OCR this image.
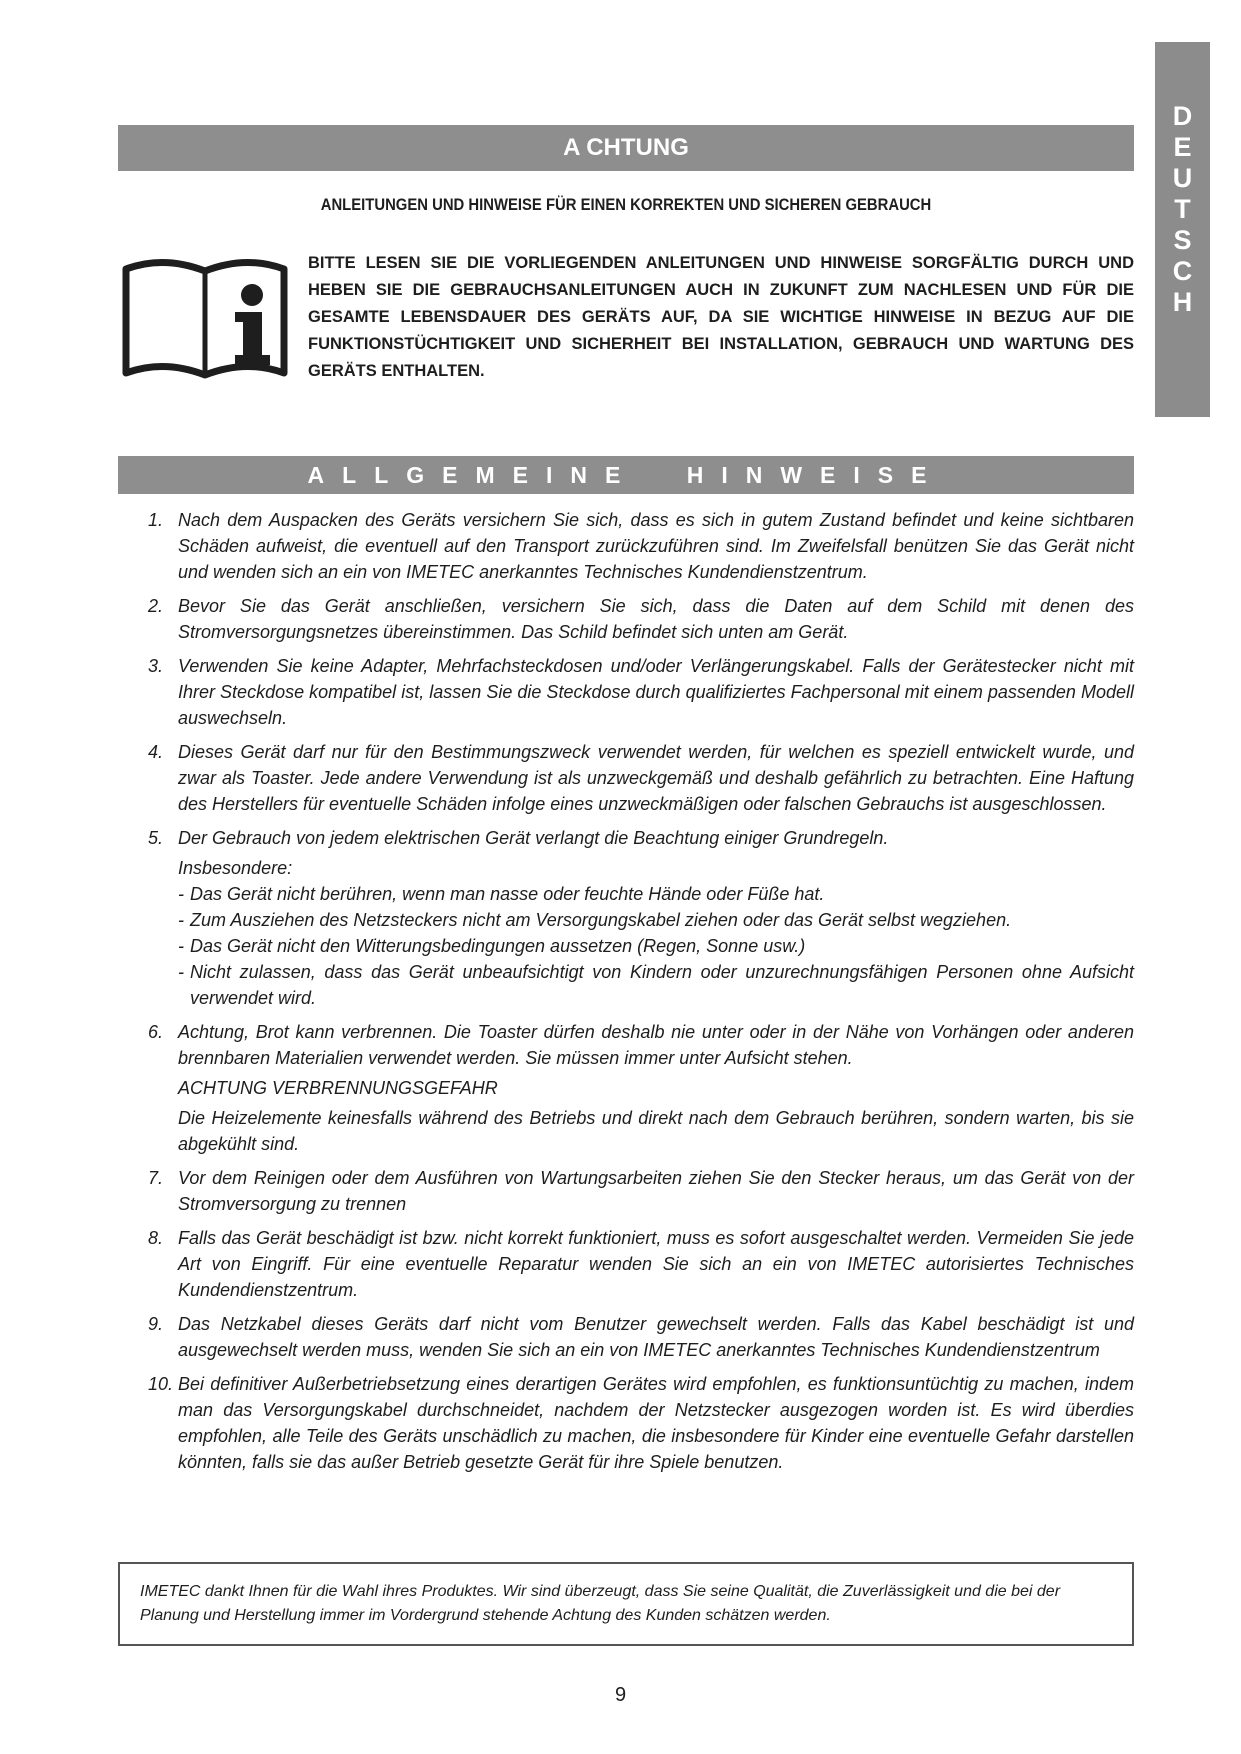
D
E
U
T
S
C
H
A CHTUNG
ANLEITUNGEN UND HINWEISE FÜR EINEN KORREKTEN UND SICHEREN GEBRAUCH
BITTE LESEN SIE DIE VORLIEGENDEN ANLEITUNGEN UND HINWEISE SORGFÄLTIG DURCH UND HEBEN SIE DIE GEBRAUCHSANLEITUNGEN AUCH IN ZUKUNFT ZUM NACHLESEN UND FÜR DIE GESAMTE LEBENSDAUER DES GERÄTS AUF, DA SIE WICHTIGE HINWEISE IN BEZUG AUF DIE FUNKTIONSTÜCHTIGKEIT UND SICHERHEIT BEI INSTALLATION, GEBRAUCH UND WARTUNG DES GERÄTS ENTHALTEN.
ALLGEMEINE HINWEISE
1. Nach dem Auspacken des Geräts versichern Sie sich, dass es sich in gutem Zustand befindet und keine sichtbaren Schäden aufweist, die eventuell auf den Transport zurückzuführen sind. Im Zweifelsfall benützen Sie das Gerät nicht und wenden sich an ein von IMETEC anerkanntes Technisches Kundendienstzentrum.
2. Bevor Sie das Gerät anschließen, versichern Sie sich, dass die Daten auf dem Schild mit denen des Stromversorgungsnetzes übereinstimmen. Das Schild befindet sich unten am Gerät.
3. Verwenden Sie keine Adapter, Mehrfachsteckdosen und/oder Verlängerungskabel. Falls der Gerätestecker nicht mit Ihrer Steckdose kompatibel ist, lassen Sie die Steckdose durch qualifiziertes Fachpersonal mit einem passenden Modell auswechseln.
4. Dieses Gerät darf nur für den Bestimmungszweck verwendet werden, für welchen es speziell entwickelt wurde, und zwar als Toaster. Jede andere Verwendung ist als unzweckgemäß und deshalb gefährlich zu betrachten. Eine Haftung des Herstellers für eventuelle Schäden infolge eines unzweckmäßigen oder falschen Gebrauchs ist ausgeschlossen.
5. Der Gebrauch von jedem elektrischen Gerät verlangt die Beachtung einiger Grundregeln.
Insbesondere:
- Das Gerät nicht berühren, wenn man nasse oder feuchte Hände oder Füße hat.
- Zum Ausziehen des Netzsteckers nicht am Versorgungskabel ziehen oder das Gerät selbst wegziehen.
- Das Gerät nicht den Witterungsbedingungen aussetzen (Regen, Sonne usw.)
- Nicht zulassen, dass das Gerät unbeaufsichtigt von Kindern oder unzurechnungsfähigen Personen ohne Aufsicht verwendet wird.
6. Achtung, Brot kann verbrennen. Die Toaster dürfen deshalb nie unter oder in der Nähe von Vorhängen oder anderen brennbaren Materialien verwendet werden. Sie müssen immer unter Aufsicht stehen.
ACHTUNG VERBRENNUNGSGEFAHR
Die Heizelemente keinesfalls während des Betriebs und direkt nach dem Gebrauch berühren, sondern warten, bis sie abgekühlt sind.
7. Vor dem Reinigen oder dem Ausführen von Wartungsarbeiten ziehen Sie den Stecker heraus, um das Gerät von der Stromversorgung zu trennen
8. Falls das Gerät beschädigt ist bzw. nicht korrekt funktioniert, muss es sofort ausgeschaltet werden. Vermeiden Sie jede Art von Eingriff. Für eine eventuelle Reparatur wenden Sie sich an ein von IMETEC autorisiertes Technisches Kundendienstzentrum.
9. Das Netzkabel dieses Geräts darf nicht vom Benutzer gewechselt werden. Falls das Kabel beschädigt ist und ausgewechselt werden muss, wenden Sie sich an ein von IMETEC anerkanntes Technisches Kundendienstzentrum
10. Bei definitiver Außerbetriebsetzung eines derartigen Gerätes wird empfohlen, es funktionsuntüchtig zu machen, indem man das Versorgungskabel durchschneidet, nachdem der Netzstecker ausgezogen worden ist. Es wird überdies empfohlen, alle Teile des Geräts unschädlich zu machen, die insbesondere für Kinder eine eventuelle Gefahr darstellen könnten, falls sie das außer Betrieb gesetzte Gerät für ihre Spiele benutzen.
IMETEC dankt Ihnen für die Wahl ihres Produktes. Wir sind überzeugt, dass Sie seine Qualität, die Zuverlässigkeit und die bei der Planung und Herstellung immer im Vordergrund stehende Achtung des Kunden schätzen werden.
9
